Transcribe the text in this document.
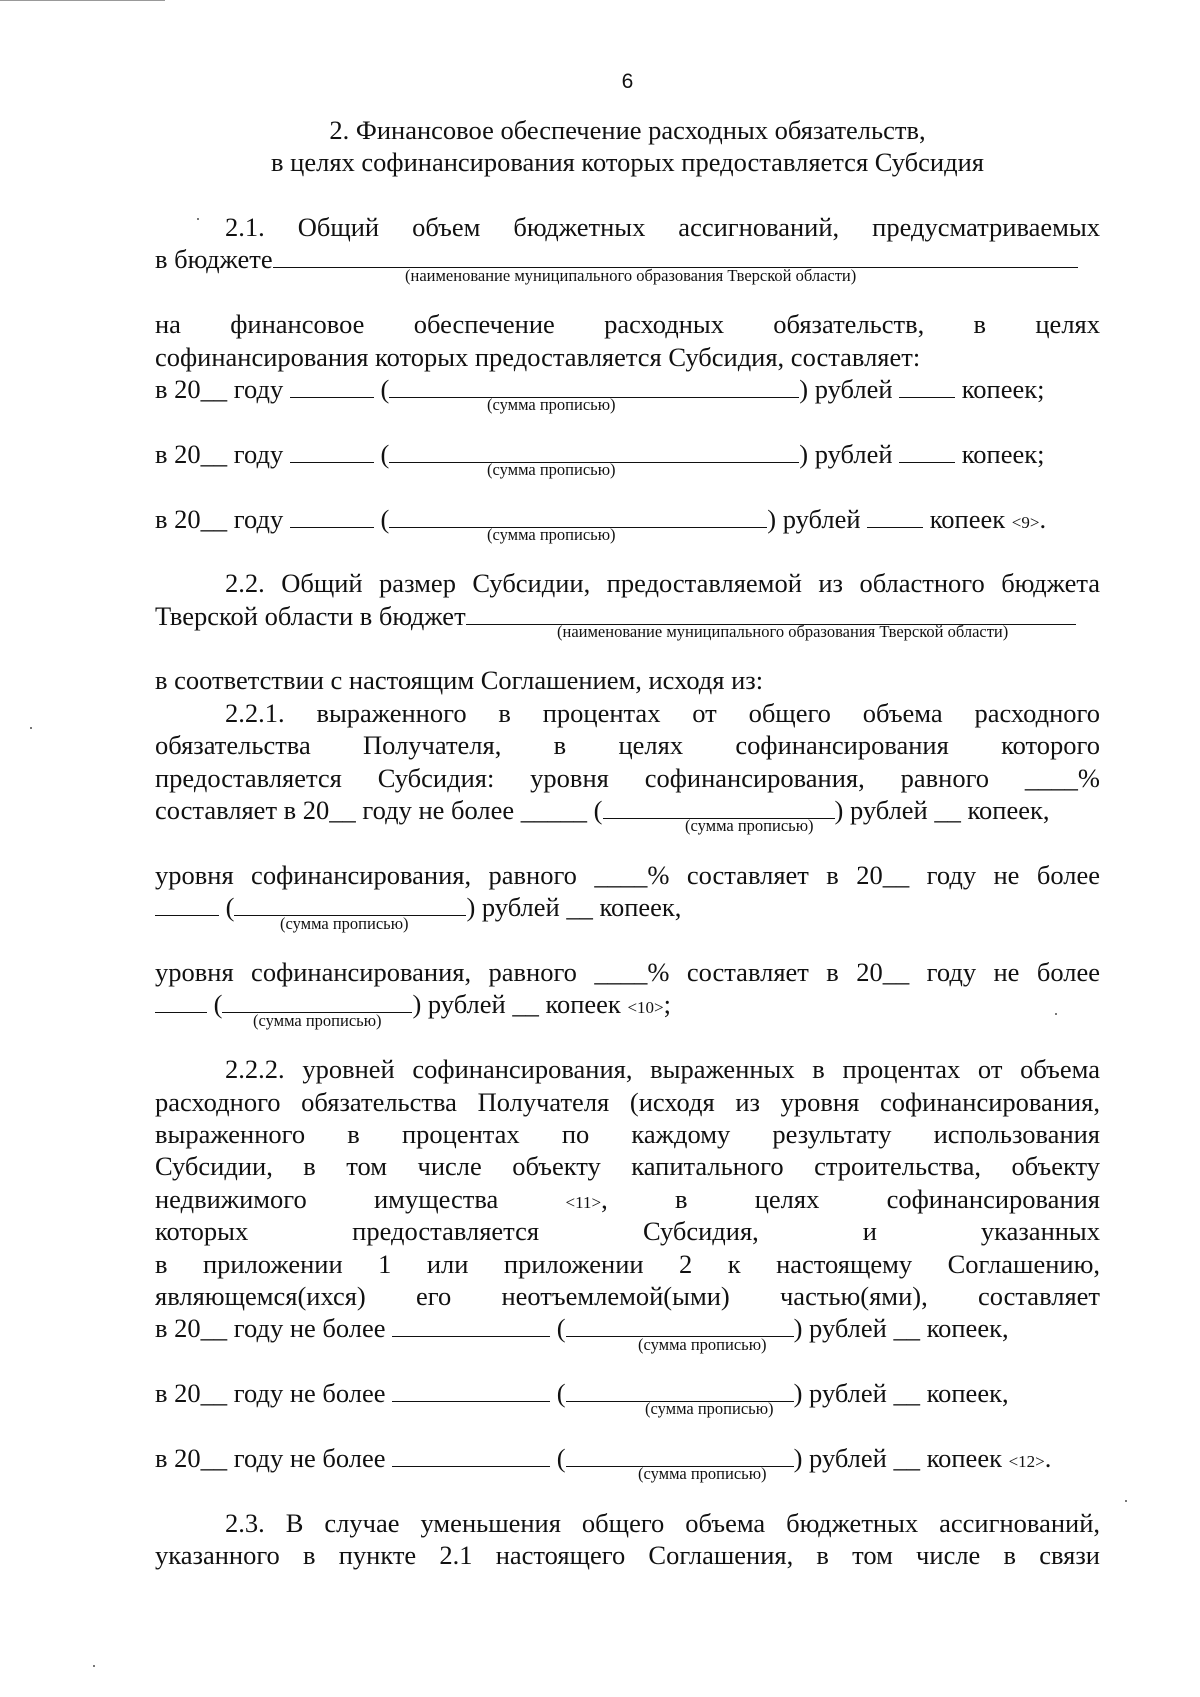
6
2. Финансовое обеспечение расходных обязательств,
в целях софинансирования которых предоставляется Субсидия
2.1. Общий объем бюджетных ассигнований, предусматриваемых
в бюджете
(наименование муниципального образования Тверской области)
на финансовое обеспечение расходных обязательств, в целях
софинансирования которых предоставляется Субсидия, составляет:
в 20__ году	(	) рублей	копеек;
(сумма прописью)
в 20__ году	(	) рублей	копеек;
(сумма прописью)
в 20__ году	(	) рублей	копеек <9>.
(сумма прописью)
2.2. Общий размер Субсидии, предоставляемой из областного бюджета
Тверской области в бюджет
(наименование муниципального образования Тверской области)
в соответствии с настоящим Соглашением, исходя из:
2.2.1. выраженного в процентах от общего объема расходного
обязательства Получателя, в целях софинансирования которого
предоставляется Субсидия: уровня софинансирования, равного ____%
составляет в 20__ году не более _____ (	) рублей __ копеек,
(сумма прописью)
уровня софинансирования, равного ____% составляет в 20__ году не более
(	) рублей __ копеек,
(сумма прописью)
уровня софинансирования, равного ____% составляет в 20__ году не более
(	) рублей __ копеек <10>;
(сумма прописью)
2.2.2. уровней софинансирования, выраженных в процентах от объема
расходного обязательства Получателя (исходя из уровня софинансирования,
выраженного в процентах по каждому результату использования
Субсидии, в том числе объекту капитального строительства, объекту
недвижимого имущества	<11>, в целях софинансирования
которых предоставляется Субсидия, и указанных
в приложении 1 или приложении 2 к настоящему Соглашению,
являющемся(ихся) его неотъемлемой(ыми) частью(ями), составляет
в 20__ году не более	(	) рублей __ копеек,
(сумма прописью)
в 20__ году не более	(	) рублей __ копеек,
(сумма прописью)
в 20__ году не более	(	) рублей __ копеек <12>.
(сумма прописью)
2.3. В случае уменьшения общего объема бюджетных ассигнований,
указанного в пункте 2.1 настоящего Соглашения, в том числе в связи
